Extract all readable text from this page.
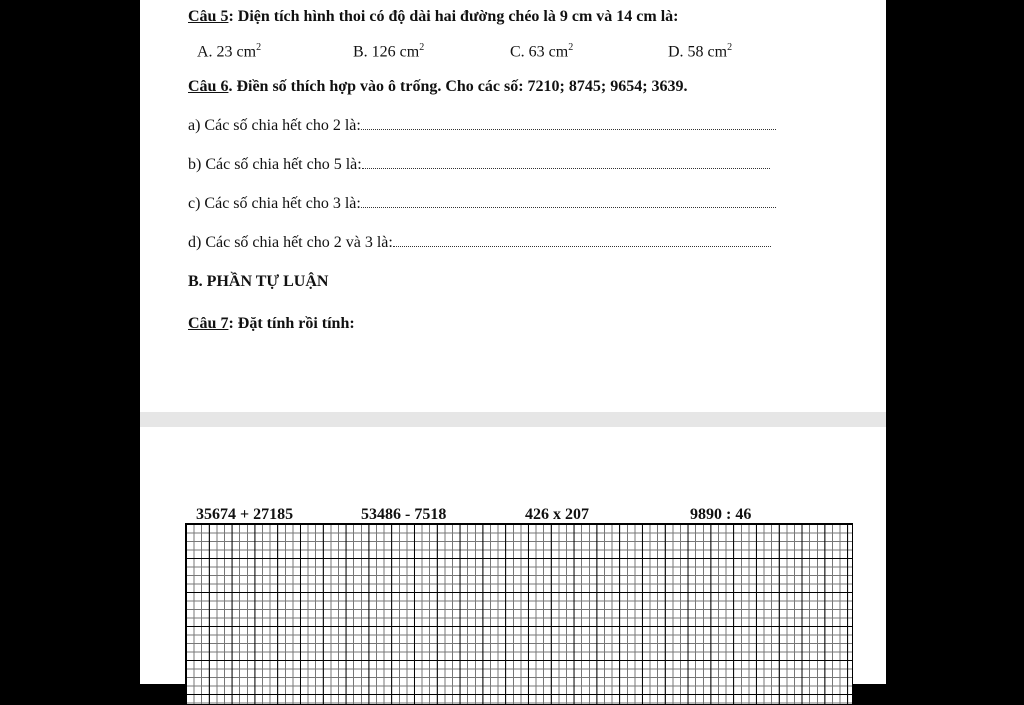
Câu 5: Diện tích hình thoi có độ dài hai đường chéo là 9 cm và 14 cm là:
A. 23 $cm^2$	B. 126 $cm^2$	C. 63 $cm^2$	D. 58 $cm^2$
Câu 6. Điền số thích hợp vào ô trống. Cho các số: 7210; 8745; 9654; 3639.
a) Các số chia hết cho 2 là:
b) Các số chia hết cho 5 là:
c) Các số chia hết cho 3 là:
d) Các số chia hết cho 2 và 3 là:
B. PHẦN TỰ LUẬN
Câu 7: Đặt tính rồi tính:
35674 + 27185	53486 - 7518	426 x 207	9890 : 46
